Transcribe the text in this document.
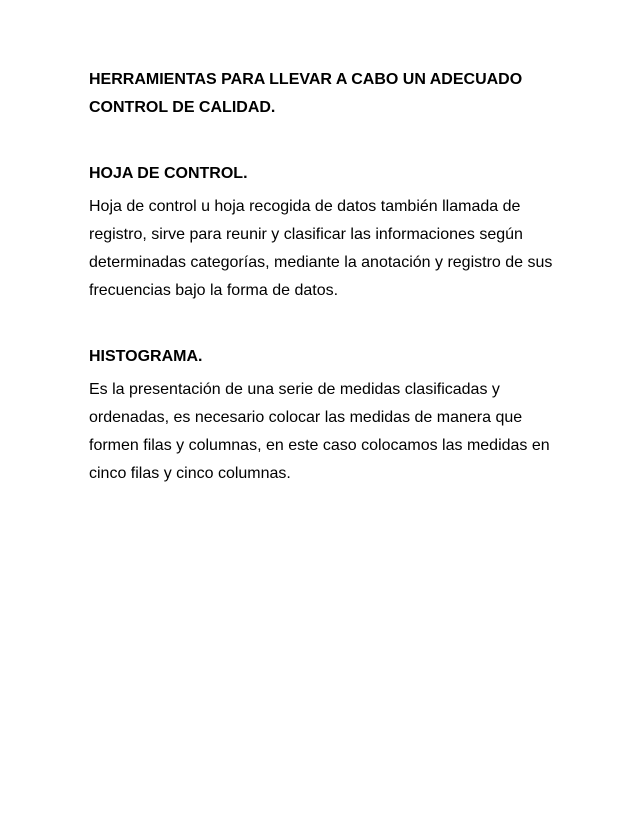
HERRAMIENTAS PARA LLEVAR A CABO UN ADECUADO CONTROL DE CALIDAD.

HOJA DE CONTROL.

Hoja de control u hoja recogida de datos también llamada de registro, sirve para reunir y clasificar las informaciones según determinadas categorías, mediante la anotación y registro de sus frecuencias bajo la forma de datos.

HISTOGRAMA.

Es la presentación de una serie de medidas clasificadas y ordenadas, es necesario colocar las medidas de manera que formen filas y columnas, en este caso colocamos las medidas en cinco filas y cinco columnas.
